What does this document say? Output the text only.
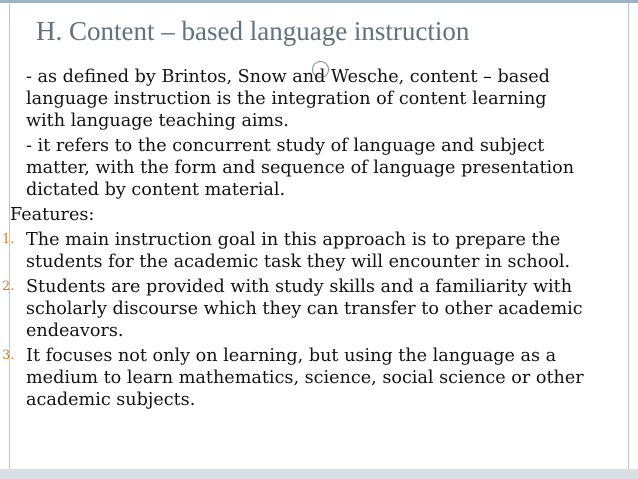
H. Content – based language instruction

- as defined by Brintos, Snow and Wesche, content – based
language instruction is the integration of content learning
with language teaching aims.

- it refers to the concurrent study of language and subject
matter, with the form and sequence of language presentation
dictated by content material.

Features:

1. The main instruction goal in this approach is to prepare the
students for the academic task they will encounter in school.
2. Students are provided with study skills and a familiarity with
scholarly discourse which they can transfer to other academic
endeavors.
3. It focuses not only on learning, but using the language as a
medium to learn mathematics, science, social science or other
academic subjects.
